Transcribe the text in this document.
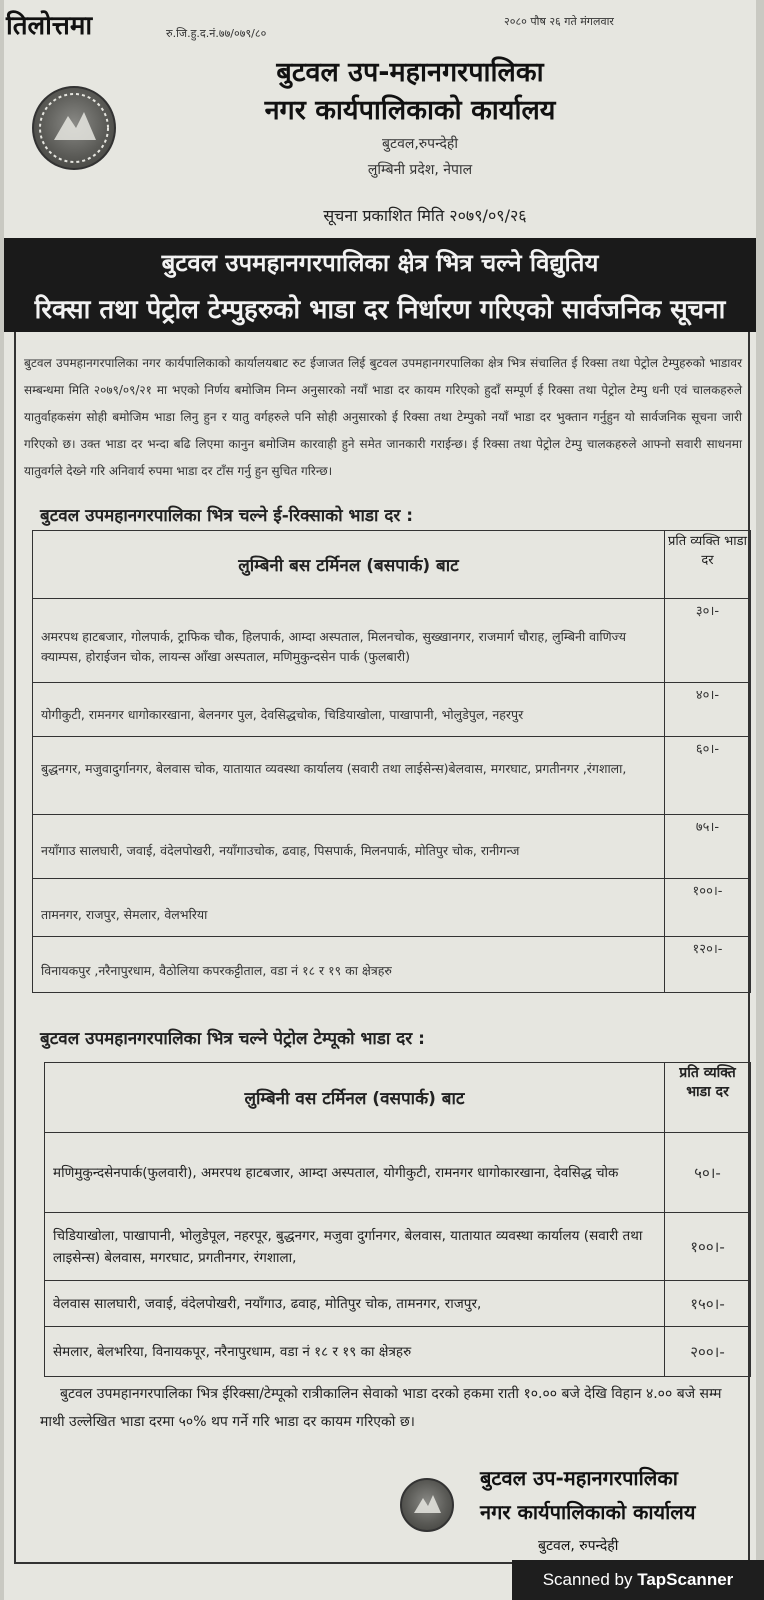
तिलोत्तमा	रु.जि.हु.द.नं.७७/०७९/८०
२०८० पौष २६ गते मंगलवार
बुटवल उप-महानगरपालिका
नगर कार्यपालिकाको कार्यालय
बुटवल,रुपन्देही
लुम्बिनी प्रदेश, नेपाल
सूचना प्रकाशित मिति २०७९/०९/२६
बुटवल उपमहानगरपालिका क्षेत्र भित्र चल्ने विद्युतिय
रिक्सा तथा पेट्रोल टेम्पुहरुको भाडा दर निर्धारण गरिएको सार्वजनिक सूचना
बुटवल उपमहानगरपालिका नगर कार्यपालिकाको कार्यालयबाट रुट ईजाजत लिई बुटवल उपमहानगरपालिका क्षेत्र भित्र संचालित ई रिक्सा तथा पेट्रोल टेम्पुहरुको भाडावर सम्बन्धमा मिति २०७९/०९/२१ मा भएको निर्णय बमोजिम निम्न अनुसारको नयाँ भाडा दर कायम गरिएको हुदाँ सम्पूर्ण ई रिक्सा तथा पेट्रोल टेम्पु धनी एवं चालकहरुले यातुर्वाहकसंग सोही बमोजिम भाडा लिनु हुन र यातु वर्गहरुले पनि सोही अनुसारको ई रिक्सा तथा टेम्पुको नयाँ भाडा दर भुक्तान गर्नुहुन यो सार्वजनिक सूचना जारी गरिएको छ। उक्त भाडा दर भन्दा बढि लिएमा कानुन बमोजिम कारवाही हुने समेत जानकारी गराईन्छ। ई रिक्सा तथा पेट्रोल टेम्पु चालकहरुले आफ्नो सवारी साधनमा यातुवर्गले देख्ने गरि अनिवार्य रुपमा भाडा दर टाँस गर्नु हुन सुचित गरिन्छ।
बुटवल उपमहानगरपालिका भित्र चल्ने ई-रिक्साको भाडा दर :
लुम्बिनी बस टर्मिनल (बसपार्क) बाट	प्रति व्यक्ति भाडा दर
अमरपथ हाटबजार, गोलपार्क, ट्राफिक चौक, हिलपार्क, आम्दा अस्पताल, मिलनचोक, सुख्खानगर, राजमार्ग चौराह, लुम्बिनी वाणिज्य क्याम्पस, होराईजन चोक, लायन्स आँखा अस्पताल, मणिमुकुन्दसेन पार्क (फुलबारी)	३०।-
योगीकुटी, रामनगर धागोकारखाना, बेलनगर पुल, देवसिद्धचोक, चिडियाखोला, पाखापानी, भोलुडेपुल, नहरपुर	४०।-
बुद्धनगर, मजुवादुर्गानगर, बेलवास चोक, यातायात व्यवस्था कार्यालय (सवारी तथा लाईसेन्स)बेलवास, मगरघाट, प्रगतीनगर ,रंगशाला,	६०।-
नयाँगाउ सालघारी, जवाई, वंदेलपोखरी, नयाँगाउचोक, ढवाह, पिसपार्क, मिलनपार्क, मोतिपुर चोक, रानीगन्ज	७५।-
तामनगर, राजपुर, सेमलार, वेलभरिया	१००।-
विनायकपुर ,नरैनापुरधाम, वैठोलिया कपरकट्टीताल, वडा नं १८ र १९ का क्षेत्रहरु	१२०।-
बुटवल उपमहानगरपालिका भित्र चल्ने पेट्रोल टेम्पूको भाडा दर :
लुम्बिनी वस टर्मिनल (वसपार्क) बाट	प्रति व्यक्ति भाडा दर
मणिमुकुन्दसेनपार्क(फुलवारी), अमरपथ हाटबजार, आम्दा अस्पताल, योगीकुटी, रामनगर धागोकारखाना, देवसिद्ध चोक	५०।-
चिडियाखोला, पाखापानी, भोलुडेपूल, नहरपूर, बुद्धनगर, मजुवा दुर्गानगर, बेलवास, यातायात व्यवस्था कार्यालय (सवारी तथा लाइसेन्स) बेलवास, मगरघाट, प्रगतीनगर, रंगशाला,	१००।-
वेलवास सालघारी, जवाई, वंदेलपोखरी, नयाँगाउ, ढवाह, मोतिपुर चोक, तामनगर, राजपुर,	१५०।-
सेमलार, बेलभरिया, विनायकपूर, नरैनापुरधाम, वडा नं १८ र १९ का क्षेत्रहरु	२००।-
बुटवल उपमहानगरपालिका भित्र ईरिक्सा/टेम्पूको रात्रीकालिन सेवाको भाडा दरको हकमा राती १०.०० बजे देखि विहान ४.०० बजे सम्म माथी उल्लेखित भाडा दरमा ५०% थप गर्ने गरि भाडा दर कायम गरिएको छ।
बुटवल उप-महानगरपालिका
नगर कार्यपालिकाको कार्यालय
बुटवल, रुपन्देही
Scanned by TapScanner
